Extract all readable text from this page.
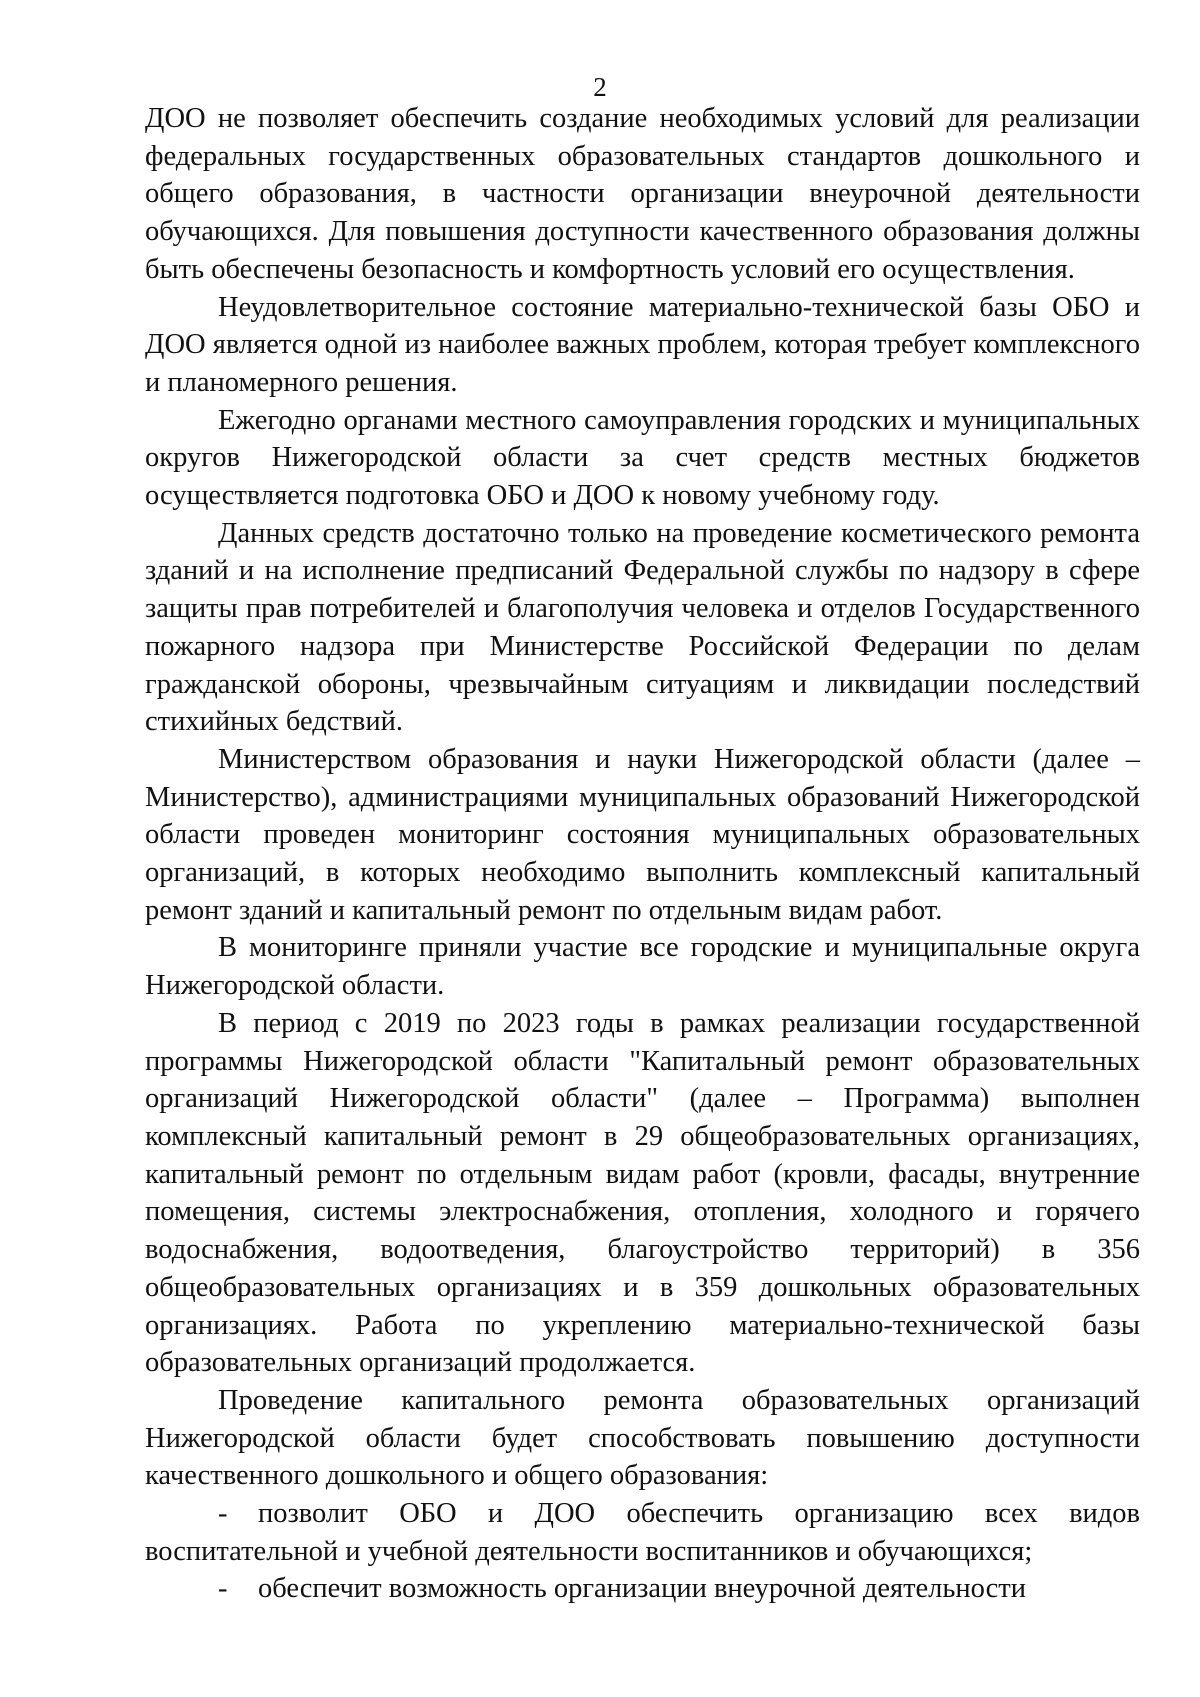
2

ДОО не позволяет обеспечить создание необходимых условий для реализации федеральных государственных образовательных стандартов дошкольного и общего образования, в частности организации внеурочной деятельности обучающихся. Для повышения доступности качественного образования должны быть обеспечены безопасность и комфортность условий его осуществления.

Неудовлетворительное состояние материально-технической базы ОБО и ДОО является одной из наиболее важных проблем, которая требует комплексного и планомерного решения.

Ежегодно органами местного самоуправления городских и муниципальных округов Нижегородской области за счет средств местных бюджетов осуществляется подготовка ОБО и ДОО к новому учебному году.

Данных средств достаточно только на проведение косметического ремонта зданий и на исполнение предписаний Федеральной службы по надзору в сфере защиты прав потребителей и благополучия человека и отделов Государственного пожарного надзора при Министерстве Российской Федерации по делам гражданской обороны, чрезвычайным ситуациям и ликвидации последствий стихийных бедствий.

Министерством образования и науки Нижегородской области (далее – Министерство), администрациями муниципальных образований Нижегородской области проведен мониторинг состояния муниципальных образовательных организаций, в которых необходимо выполнить комплексный капитальный ремонт зданий и капитальный ремонт по отдельным видам работ.

В мониторинге приняли участие все городские и муниципальные округа Нижегородской области.

В период с 2019 по 2023 годы в рамках реализации государственной программы Нижегородской области "Капитальный ремонт образовательных организаций Нижегородской области" (далее – Программа) выполнен комплексный капитальный ремонт в 29 общеобразовательных организациях, капитальный ремонт по отдельным видам работ (кровли, фасады, внутренние помещения, системы электроснабжения, отопления, холодного и горячего водоснабжения, водоотведения, благоустройство территорий) в 356 общеобразовательных организациях и в 359 дошкольных образовательных организациях. Работа по укреплению материально-технической базы образовательных организаций продолжается.

Проведение капитального ремонта образовательных организаций Нижегородской области будет способствовать повышению доступности качественного дошкольного и общего образования:

- позволит ОБО и ДОО обеспечить организацию всех видов воспитательной и учебной деятельности воспитанников и обучающихся;

- обеспечит возможность организации внеурочной деятельности
